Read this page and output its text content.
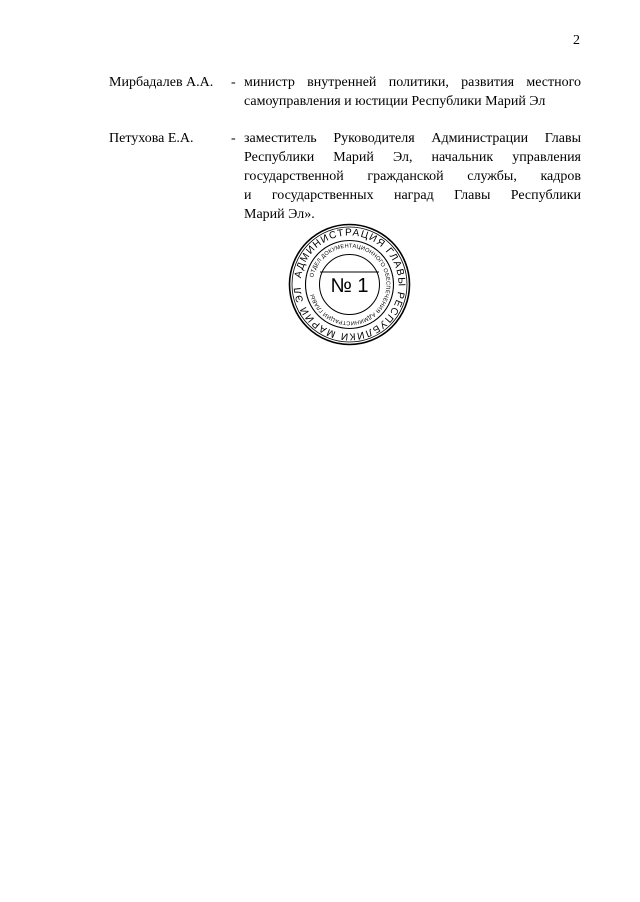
2
Мирбадалев А.А. - министр внутренней политики, развития местного
самоуправления и юстиции Республики Марий Эл
Петухова Е.А.	- заместитель Руководителя Администрации Главы
Республики Марий Эл, начальник управления
государственной гражданской службы, кадров
и государственных наград Главы Республики
Марий Эл».
АДМИНИСТРАЦИЯ ГЛАВЫ РЕСПУБЛИКИ МАРИЙ ЭЛ
ОТДЕЛ ДОКУМЕНТАЦИОННОГО ОБЕСПЕЧЕНИЯ АДМИНИСТРАЦИИ ГЛАВЫ № 1
